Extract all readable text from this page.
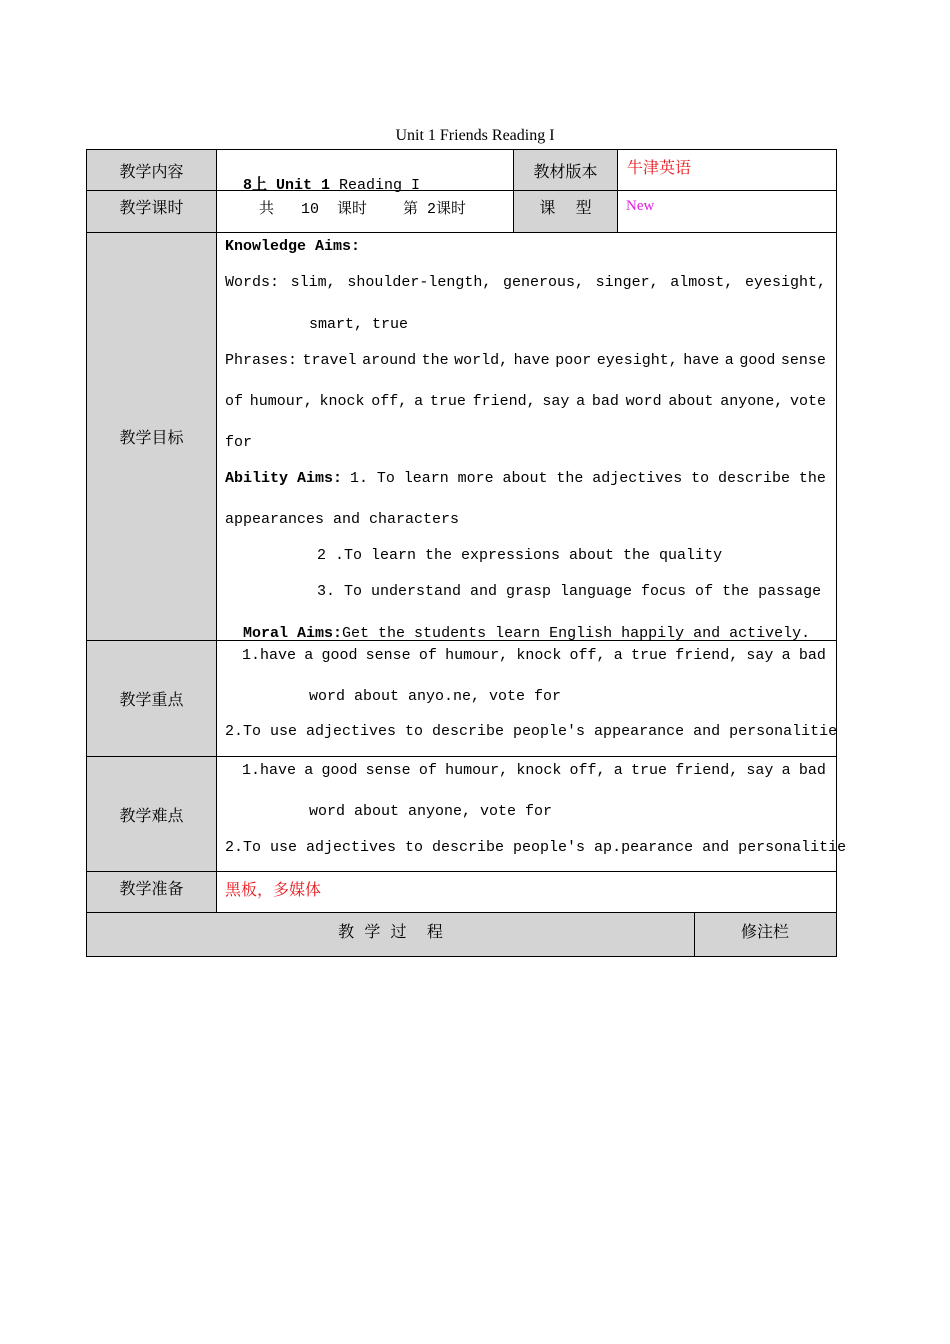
Unit 1 Friends Reading I
教学内容
教学课时
教材版本
课    型
教学目标
教学重点
教学难点
教学准备
教  学  过    程	修注栏

8上 Unit 1 Reading I

牛津英语
共   10  课时    第 2课时	New
Knowledge Aims:
Words: slim, shoulder-length, generous, singer, almost, eyesight,
smart, true
Phrases: travel around the world, have poor eyesight, have a good sense
of humour, knock off, a true friend, say a bad word about anyone, vote
for
Ability Aims: 1. To learn more about the adjectives to describe the
appearances and characters
2 .To learn the expressions about the quality
3. To understand and grasp language focus of the passage

Moral Aims:Get the students learn English happily and actively.

1.have a good sense of humour, knock off, a true friend, say a bad
word about anyo.ne, vote for
2.To use adjectives to describe people's appearance and personalitie
1.have a good sense of humour, knock off, a true friend, say a bad
word about anyone, vote for
2.To use adjectives to describe people's ap.pearance and personalitie
黑板，多媒体
